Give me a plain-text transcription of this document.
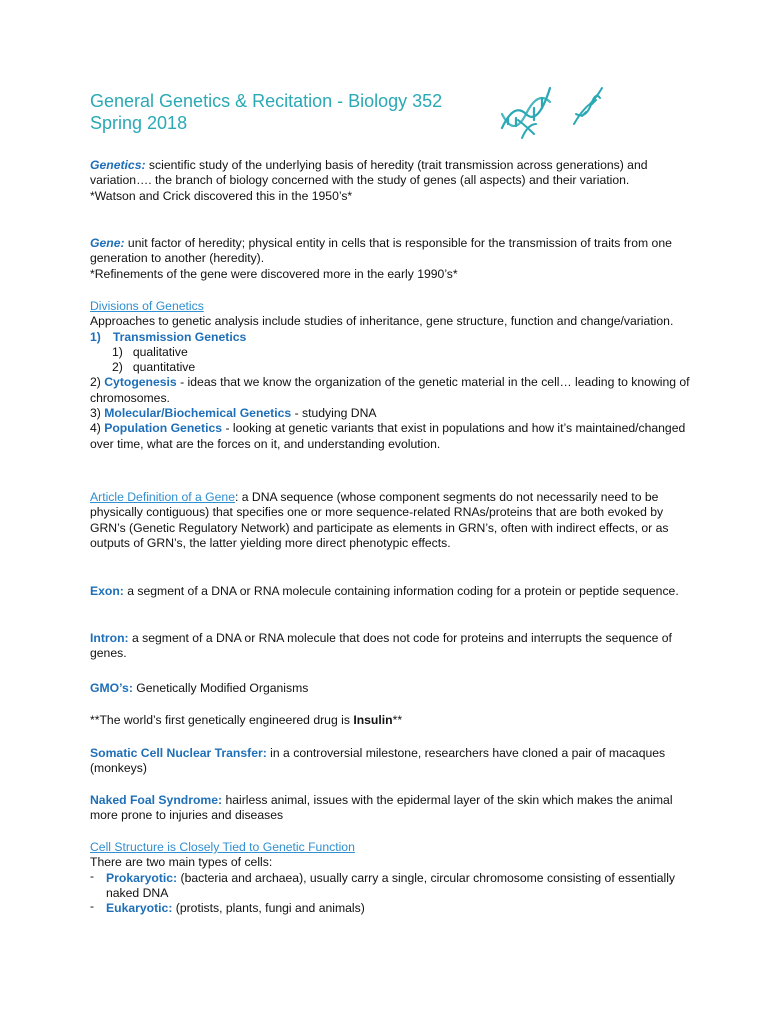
General Genetics & Recitation - Biology 352

Spring 2018

Genetics: scientific study of the underlying basis of heredity (trait transmission across generations) and variation…. the branch of biology concerned with the study of genes (all aspects) and their variation.

*Watson and Crick discovered this in the 1950’s*

Gene: unit factor of heredity; physical entity in cells that is responsible for the transmission of traits from one generation to another (heredity).

*Refinements of the gene were discovered more in the early 1990’s*

Divisions of Genetics

Approaches to genetic analysis include studies of inheritance, gene structure, function and change/variation.

1) Transmission Genetics

1) qualitative

2) quantitative

2) Cytogenesis - ideas that we know the organization of the genetic material in the cell… leading to knowing of chromosomes.

3) Molecular/Biochemical Genetics - studying DNA

4) Population Genetics - looking at genetic variants that exist in populations and how it’s maintained/changed over time, what are the forces on it, and understanding evolution.

Article Definition of a Gene: a DNA sequence (whose component segments do not necessarily need to be physically contiguous) that specifies one or more sequence-related RNAs/proteins that are both evoked by GRN’s (Genetic Regulatory Network) and participate as elements in GRN’s, often with indirect effects, or as outputs of GRN’s, the latter yielding more direct phenotypic effects.

Exon: a segment of a DNA or RNA molecule containing information coding for a protein or peptide sequence.

Intron: a segment of a DNA or RNA molecule that does not code for proteins and interrupts the sequence of genes.

GMO’s: Genetically Modified Organisms

**The world’s first genetically engineered drug is Insulin**

Somatic Cell Nuclear Transfer: in a controversial milestone, researchers have cloned a pair of macaques (monkeys)

Naked Foal Syndrome: hairless animal, issues with the epidermal layer of the skin which makes the animal more prone to injuries and diseases

Cell Structure is Closely Tied to Genetic Function

There are two main types of cells:

- Prokaryotic: (bacteria and archaea), usually carry a single, circular chromosome consisting of essentially naked DNA

- Eukaryotic: (protists, plants, fungi and animals)
